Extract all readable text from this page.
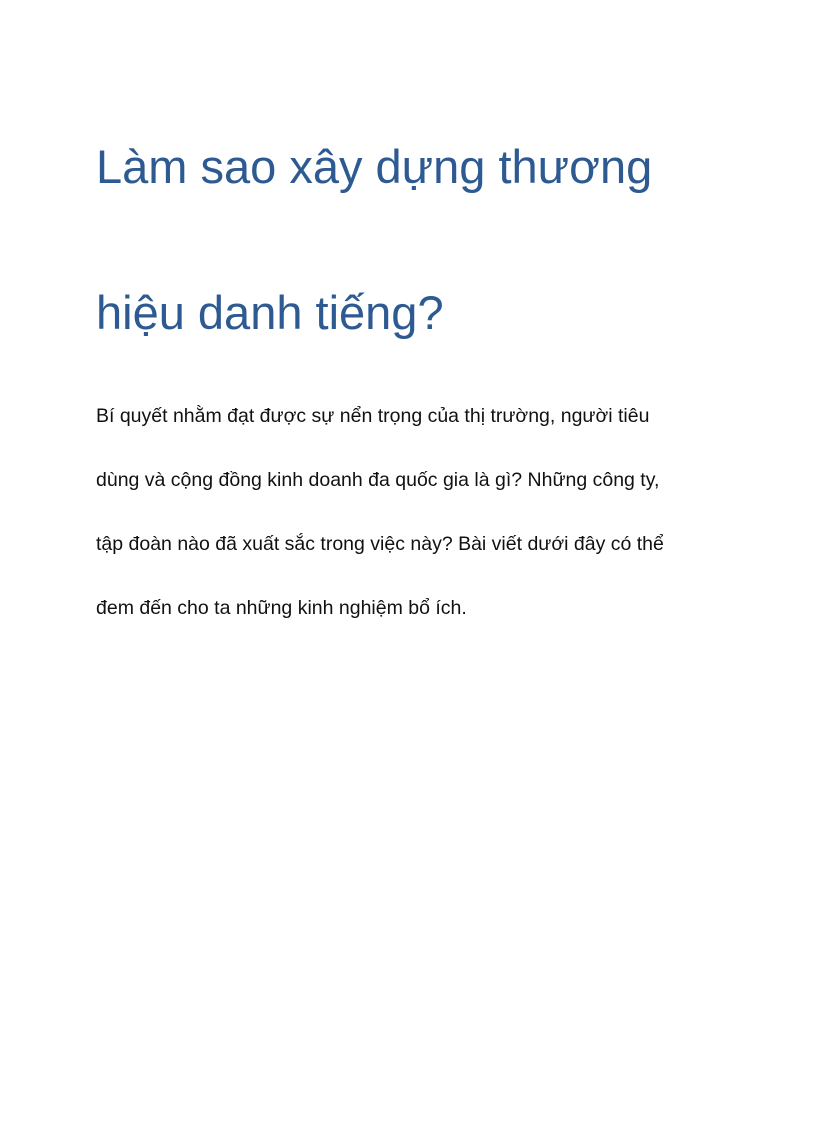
Làm sao xây dựng thương
hiệu danh tiếng?

Bí quyết nhằm đạt được sự nển trọng của thị trường, người tiêu
dùng và cộng đồng kinh doanh đa quốc gia là gì? Những công ty,
tập đoàn nào đã xuất sắc trong việc này? Bài viết dưới đây có thể
đem đến cho ta những kinh nghiệm bổ ích.
